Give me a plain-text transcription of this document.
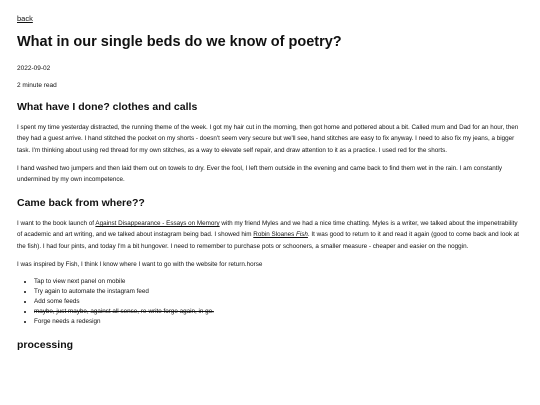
back
What in our single beds do we know of poetry?
2022-09-02
2 minute read
What have I done? clothes and calls

I spent my time yesterday distracted, the running theme of the week. I got my hair cut in the morning, then got home and pottered about a bit. Called mum and Dad for an hour, then they had a guest arrive. I hand stitched the pocket on my shorts - doesn't seem very secure but we'll see, hand stitches are easy to fix anyway. I need to also fix my jeans, a bigger task. I'm thinking about using red thread for my own stitches, as a way to elevate self repair, and draw attention to it as a practice. I used red for the shorts.

I hand washed two jumpers and then laid them out on towels to dry. Ever the fool, I left them outside in the evening and came back to find them wet in the rain. I am constantly undermined by my own incompetence.

Came back from where??

I want to the book launch of Against Disappearance - Essays on Memory with my friend Myles and we had a nice time chatting. Myles is a writer, we talked about the impenetrability of academic and art writing, and we talked about instagram being bad. I showed him Robin Sloanes Fish. It was good to return to it and read it again (good to come back and look at the fish). I had four pints, and today I'm a bit hungover. I need to remember to purchase pots or schooners, a smaller measure - cheaper and easier on the noggin.

I was inspired by Fish, I think I know where I want to go with the website for return.horse

• Tap to view next panel on mobile
• Try again to automate the instagram feed
• Add some feeds
• maybe, just maybe, against all sense, re-write forge again, in go.
• Forge needs a redesign
processing
